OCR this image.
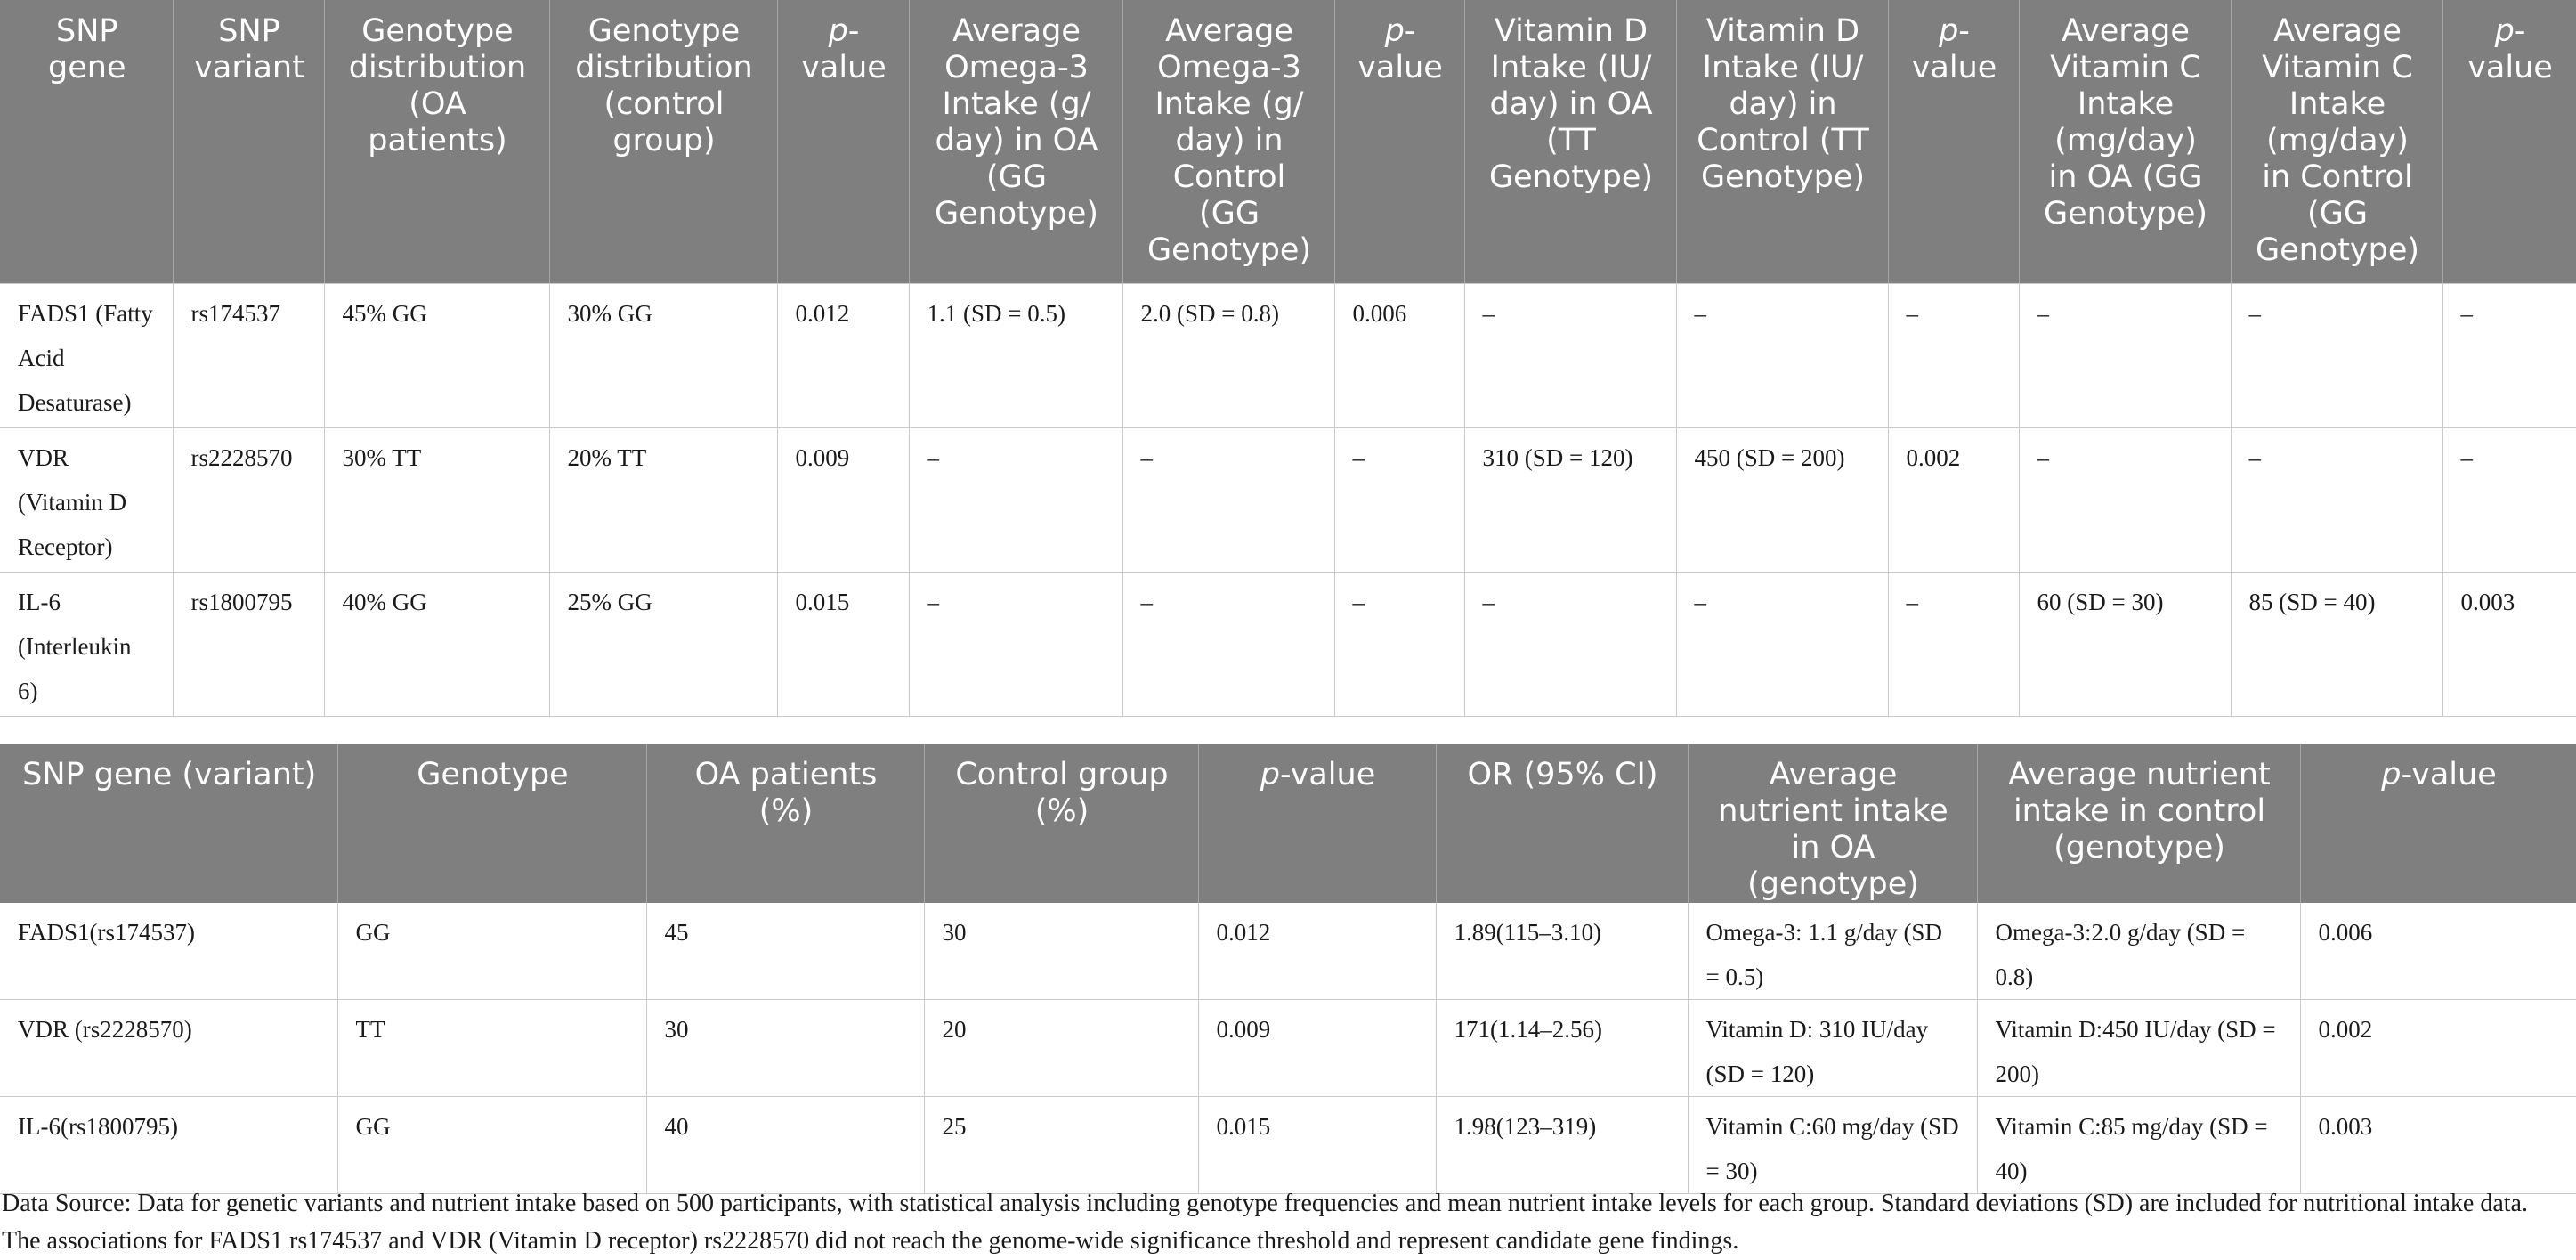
SNP gene	SNP variant	Genotype distribution (OA patients)	Genotype distribution (control group)	p-value	Average Omega-3 Intake (g/ day) in OA (GG Genotype)	Average Omega-3 Intake (g/ day) in Control (GG Genotype)	p-value	Vitamin D Intake (IU/ day) in OA (TT Genotype)	Vitamin D Intake (IU/ day) in Control (TT Genotype)	p-value	Average Vitamin C Intake (mg/day) in OA (GG Genotype)	Average Vitamin C Intake (mg/day) in Control (GG Genotype)	p-value
FADS1 (Fatty Acid Desaturase)	rs174537	45% GG	30% GG	0.012	1.1 (SD = 0.5)	2.0 (SD = 0.8)	0.006	–	–	–	–	–	–
VDR (Vitamin D Receptor)	rs2228570	30% TT	20% TT	0.009	–	–	–	310 (SD = 120)	450 (SD = 200)	0.002	–	–	–
IL-6 (Interleukin 6)	rs1800795	40% GG	25% GG	0.015	–	–	–	–	–	–	60 (SD = 30)	85 (SD = 40)	0.003
SNP gene (variant)	Genotype	OA patients (%)	Control group (%)	p-value	OR (95% CI)	Average nutrient intake in OA (genotype)	Average nutrient intake in control (genotype)	p-value
FADS1(rs174537)	GG	45	30	0.012	1.89(115–3.10)	Omega-3: 1.1 g/day (SD = 0.5)	Omega-3:2.0 g/day (SD = 0.8)	0.006
VDR (rs2228570)	TT	30	20	0.009	171(1.14–2.56)	Vitamin D: 310 IU/day (SD = 120)	Vitamin D:450 IU/day (SD = 200)	0.002
IL-6(rs1800795)	GG	40	25	0.015	1.98(123–319)	Vitamin C:60 mg/day (SD = 30)	Vitamin C:85 mg/day (SD = 40)	0.003
Data Source: Data for genetic variants and nutrient intake based on 500 participants, with statistical analysis including genotype frequencies and mean nutrient intake levels for each group. Standard deviations (SD) are included for nutritional intake data. The associations for FADS1 rs174537 and VDR (Vitamin D receptor) rs2228570 did not reach the genome-wide significance threshold and represent candidate gene findings.
